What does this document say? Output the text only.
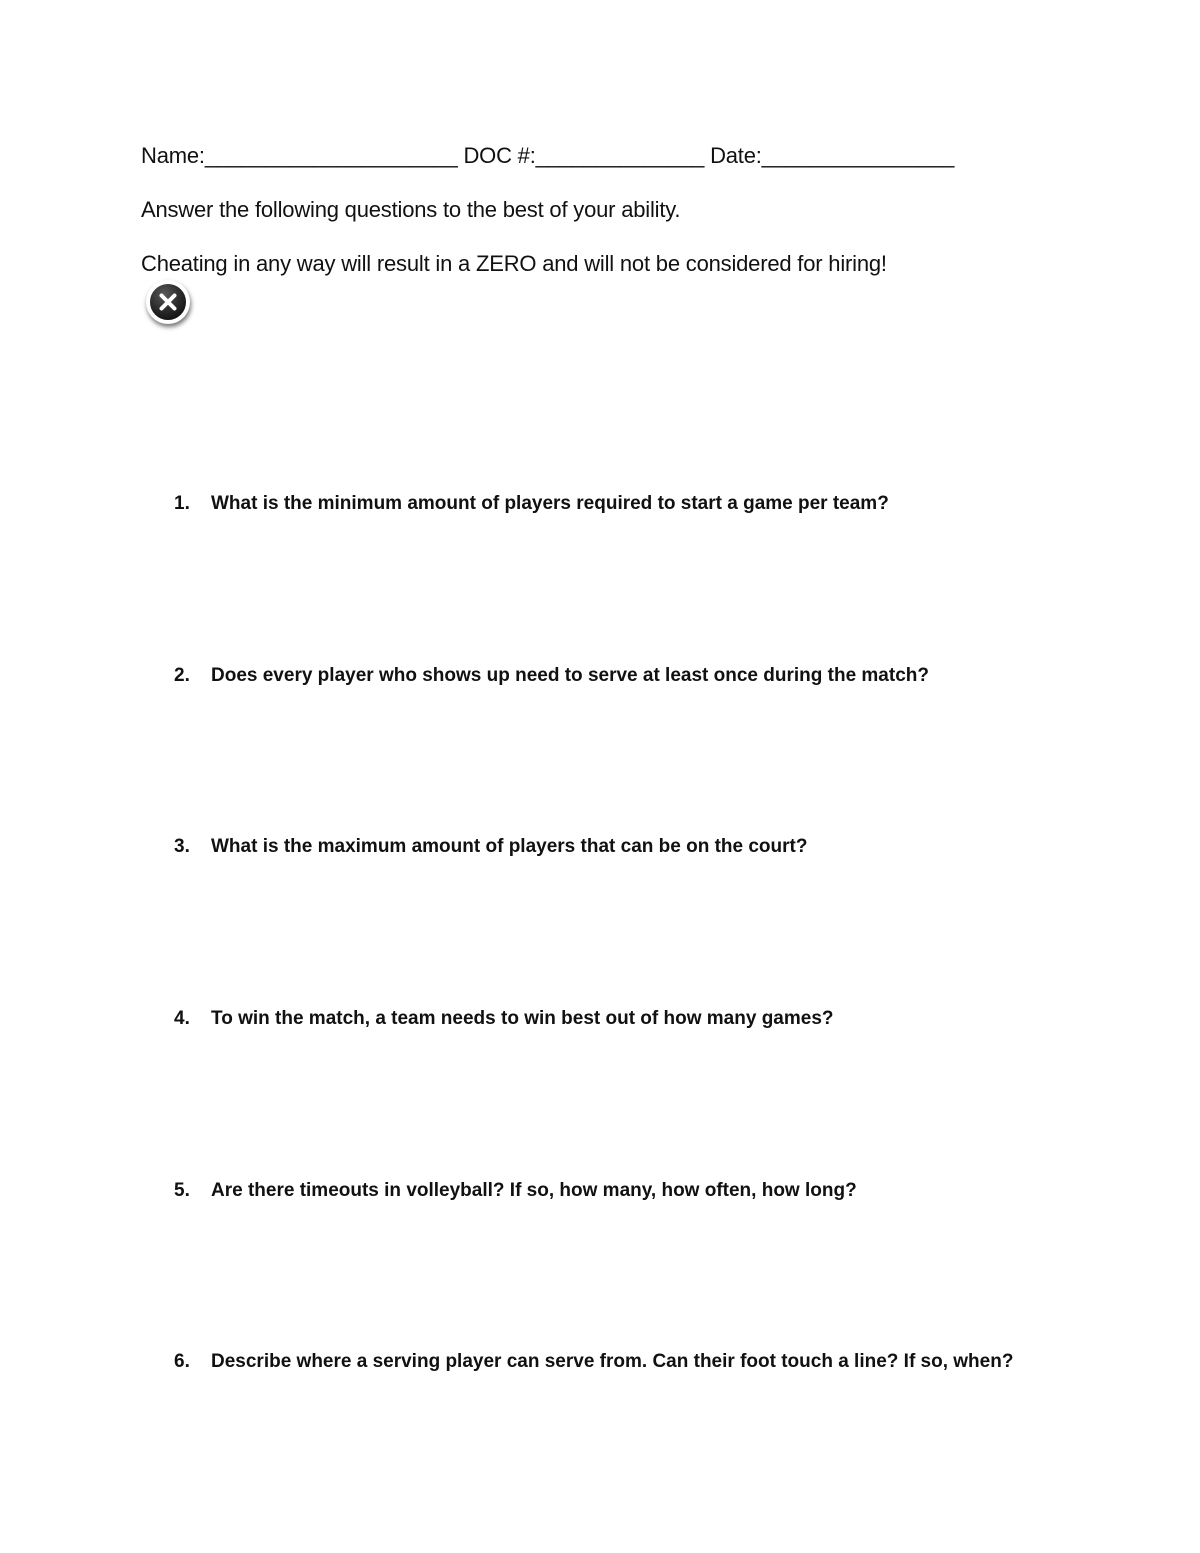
Name:_____________________ DOC #:______________ Date:________________
Answer the following questions to the best of your ability.
Cheating in any way will result in a ZERO and will not be considered for hiring!
1.	What is the minimum amount of players required to start a game per team?
2.	Does every player who shows up need to serve at least once during the match?
3.	What is the maximum amount of players that can be on the court?
4.	To win the match, a team needs to win best out of how many games?
5.	Are there timeouts in volleyball? If so, how many, how often, how long?
6.	Describe where a serving player can serve from. Can their foot touch a line? If so, when?
